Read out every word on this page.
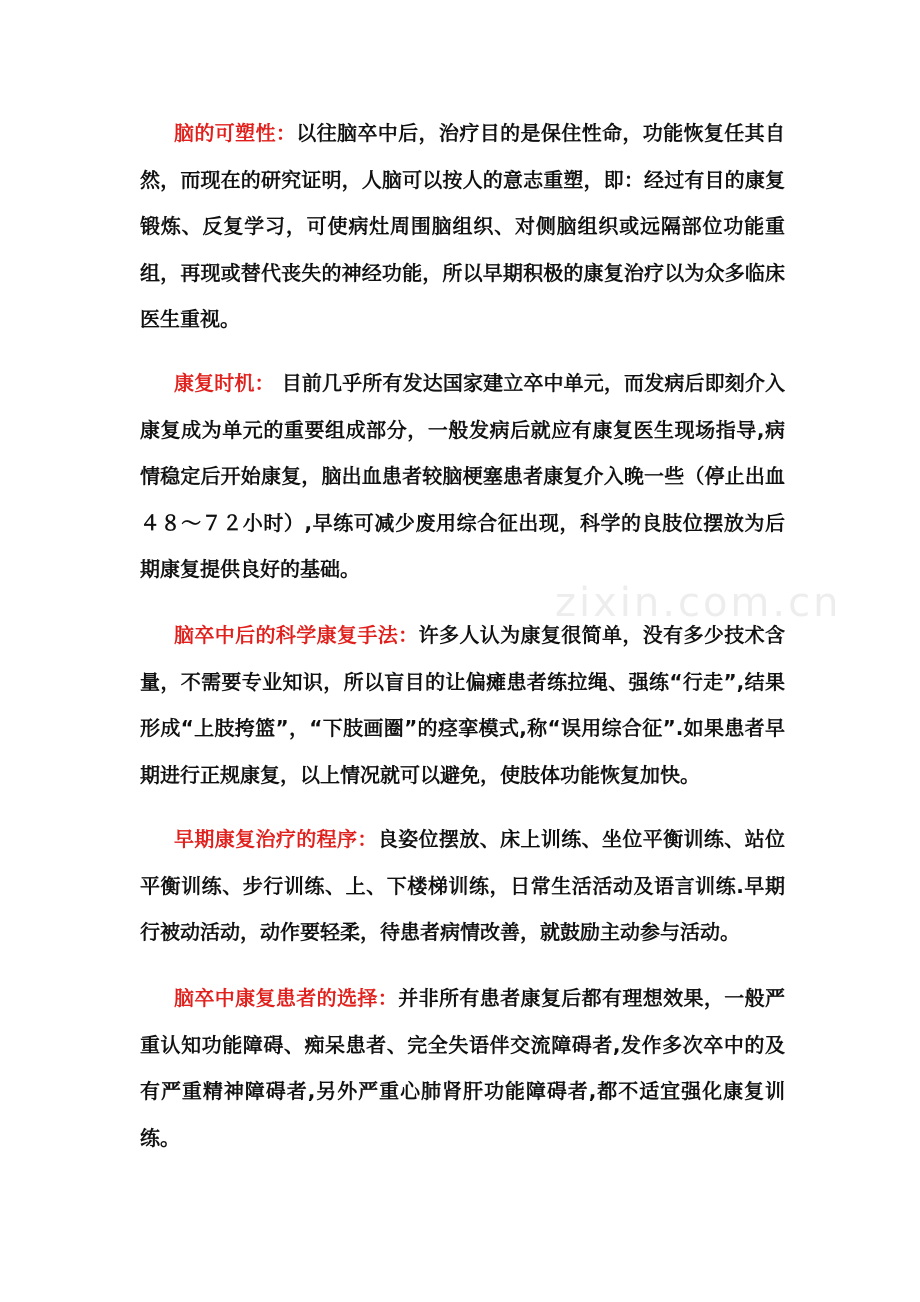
脑的可塑性：以往脑卒中后，治疗目的是保住性命，功能恢复任其自然，而现在的研究证明，人脑可以按人的意志重塑，即：经过有目的康复锻炼、反复学习，可使病灶周围脑组织、对侧脑组织或远隔部位功能重组，再现或替代丧失的神经功能，所以早期积极的康复治疗以为众多临床医生重视。

康复时机： 目前几乎所有发达国家建立卒中单元，而发病后即刻介入康复成为单元的重要组成部分，一般发病后就应有康复医生现场指导,病情稳定后开始康复，脑出血患者较脑梗塞患者康复介入晚一些（停止出血４８～７２小时）,早练可减少废用综合征出现，科学的良肢位摆放为后期康复提供良好的基础。

脑卒中后的科学康复手法：许多人认为康复很简单，没有多少技术含量，不需要专业知识，所以盲目的让偏瘫患者练拉绳、强练“行走”,结果形成“上肢挎篮”，“下肢画圈”的痉挛模式,称“误用综合征”.如果患者早期进行正规康复，以上情况就可以避免，使肢体功能恢复加快。

早期康复治疗的程序：良姿位摆放、床上训练、坐位平衡训练、站位平衡训练、步行训练、上、下楼梯训练，日常生活活动及语言训练.早期行被动活动，动作要轻柔，待患者病情改善，就鼓励主动参与活动。

脑卒中康复患者的选择：并非所有患者康复后都有理想效果，一般严重认知功能障碍、痴呆患者、完全失语伴交流障碍者,发作多次卒中的及有严重精神障碍者,另外严重心肺肾肝功能障碍者,都不适宜强化康复训练。

zixin.com.cn
